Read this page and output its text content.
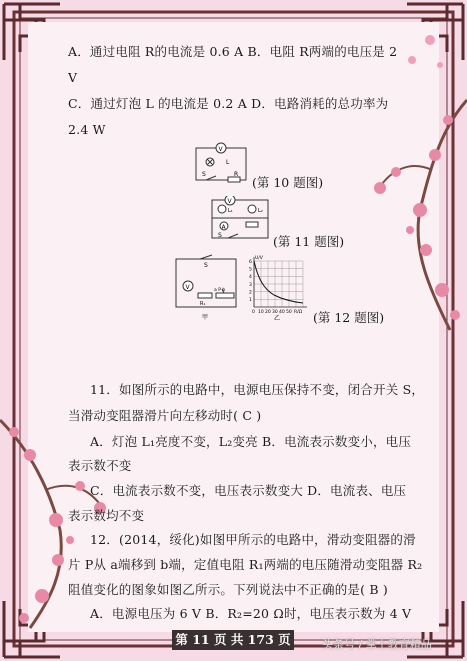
A．通过电阻 R的电流是 0.6 A B．电阻 R两端的电压是 2
V
C．通过灯泡 L 的电流是 0.2 A D．电路消耗的总功率为
2.4 W
V
L
S	R
(第 10 题图)
V
A
L₁	L₂
S	(第 11 题图)
S
V
R₁
a P b
甲
U/V
R/Ω
6
5
4
3
2
1
0 10 20 30 40 50
乙	(第 12 题图)
11．如图所示的电路中，电源电压保持不变，闭合开关 S，
当滑动变阻器滑片向左移动时( C )
A．灯泡 L₁亮度不变，L₂变亮 B．电流表示数变小，电压
表示数不变
C．电流表示数不变，电压表示数变大 D．电流表、电压
表示数均不变
12．(2014，绥化)如图甲所示的电路中，滑动变阻器的滑
片 P从 a端移到 b端，定值电阻 R₁两端的电压随滑动变阻器 R₂
阻值变化的图象如图乙所示。下列说法中不正确的是( B )
A．电源电压为 6 V B．R₂=20 Ω时，电压表示数为 4 V
第 11 页 共 173 页	头条号 / 掌上教育精品
